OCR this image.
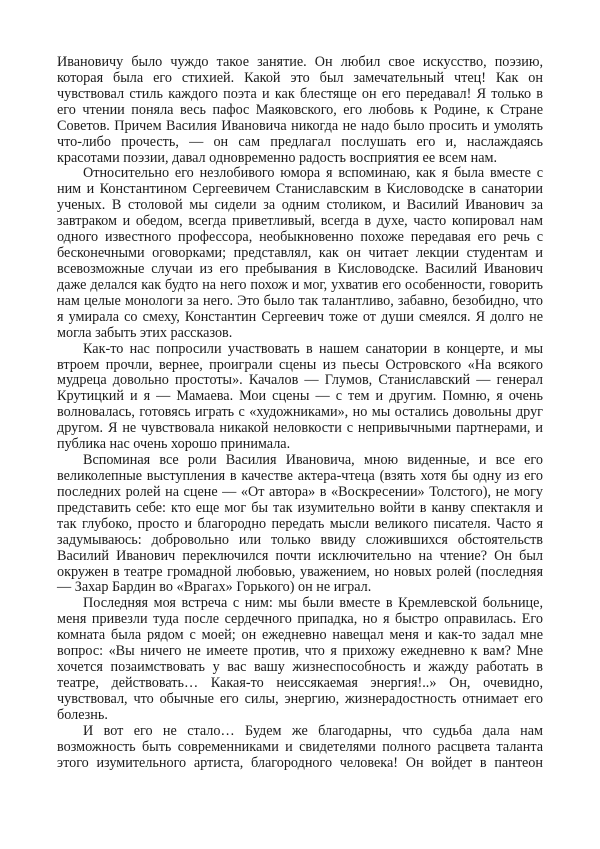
Ивановичу было чуждо такое занятие. Он любил свое искусство, поэзию, которая была его стихией. Какой это был замечательный чтец! Как он чувствовал стиль каждого поэта и как блестяще он его передавал! Я только в его чтении поняла весь пафос Маяковского, его любовь к Родине, к Стране Советов. Причем Василия Ивановича никогда не надо было просить и умолять что-либо прочесть, — он сам предлагал послушать его и, наслаждаясь красотами поэзии, давал одновременно радость восприятия ее всем нам.

Относительно его незлобивого юмора я вспоминаю, как я была вместе с ним и Константином Сергеевичем Станиславским в Кисловодске в санатории ученых. В столовой мы сидели за одним столиком, и Василий Иванович за завтраком и обедом, всегда приветливый, всегда в духе, часто копировал нам одного известного профессора, необыкновенно похоже передавая его речь с бесконечными оговорками; представлял, как он читает лекции студентам и всевозможные случаи из его пребывания в Кисловодске. Василий Иванович даже делался как будто на него похож и мог, ухватив его особенности, говорить нам целые монологи за него. Это было так талантливо, забавно, безобидно, что я умирала со смеху, Константин Сергеевич тоже от души смеялся. Я долго не могла забыть этих рассказов.

Как-то нас попросили участвовать в нашем санатории в концерте, и мы втроем прочли, вернее, проиграли сцены из пьесы Островского «На всякого мудреца довольно простоты». Качалов — Глумов, Станиславский — генерал Крутицкий и я — Мамаева. Мои сцены — с тем и другим. Помню, я очень волновалась, готовясь играть с «художниками», но мы остались довольны друг другом. Я не чувствовала никакой неловкости с непривычными партнерами, и публика нас очень хорошо принимала.

Вспоминая все роли Василия Ивановича, мною виденные, и все его великолепные выступления в качестве актера-чтеца (взять хотя бы одну из его последних ролей на сцене — «От автора» в «Воскресении» Толстого), не могу представить себе: кто еще мог бы так изумительно войти в канву спектакля и так глубоко, просто и благородно передать мысли великого писателя. Часто я задумываюсь: добровольно или только ввиду сложившихся обстоятельств Василий Иванович переключился почти исключительно на чтение? Он был окружен в театре громадной любовью, уважением, но новых ролей (последняя — Захар Бардин во «Врагах» Горького) он не играл.

Последняя моя встреча с ним: мы были вместе в Кремлевской больнице, меня привезли туда после сердечного припадка, но я быстро оправилась. Его комната была рядом с моей; он ежедневно навещал меня и как-то задал мне вопрос: «Вы ничего не имеете против, что я прихожу ежедневно к вам? Мне хочется позаимствовать у вас вашу жизнеспособность и жажду работать в театре, действовать… Какая-то неиссякаемая энергия!..» Он, очевидно, чувствовал, что обычные его силы, энергию, жизнерадостность отнимает его болезнь.

И вот его не стало… Будем же благодарны, что судьба дала нам возможность быть современниками и свидетелями полного расцвета таланта этого изумительного артиста, благородного человека! Он войдет в пантеон
